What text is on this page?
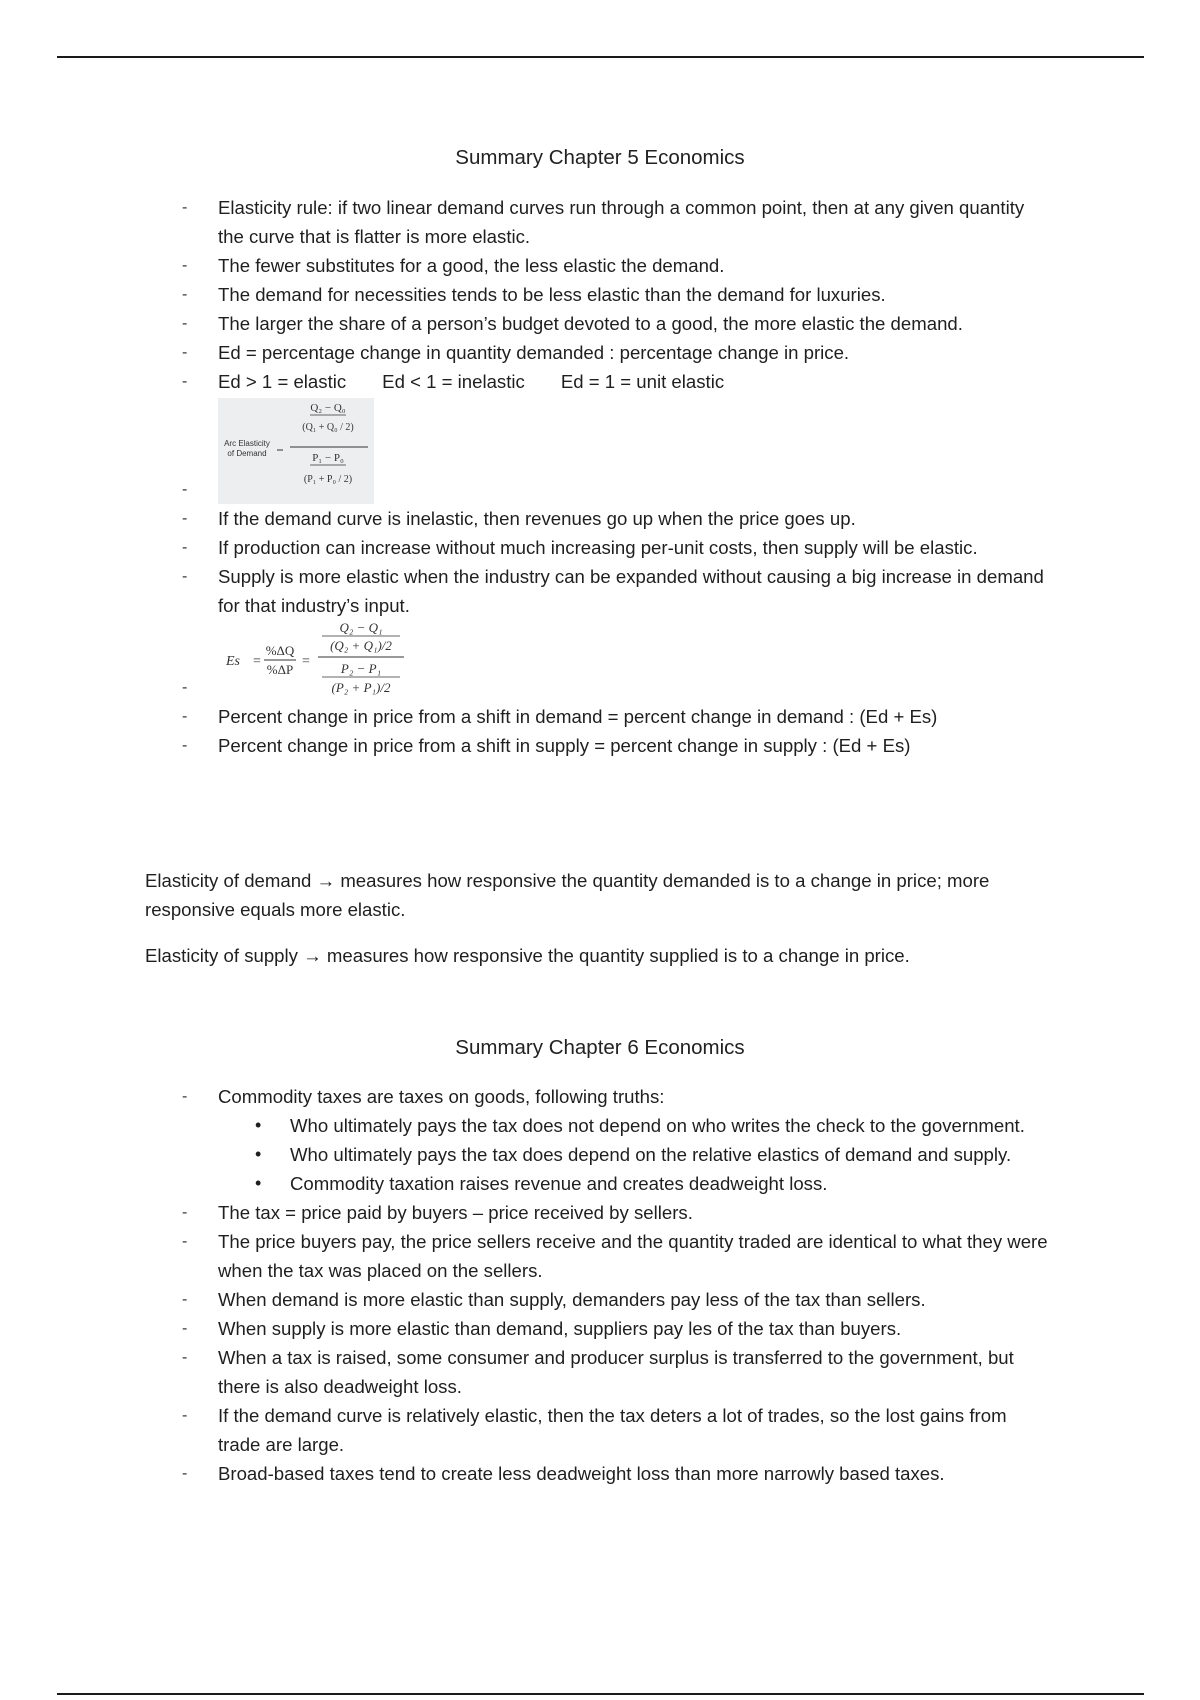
Summary Chapter 5 Economics
- Elasticity rule: if two linear demand curves run through a common point, then at any given quantity the curve that is flatter is more elastic.
- The fewer substitutes for a good, the less elastic the demand.
- The demand for necessities tends to be less elastic than the demand for luxuries.
- The larger the share of a person’s budget devoted to a good, the more elastic the demand.
- Ed = percentage change in quantity demanded : percentage change in price.
- Ed > 1 = elastic Ed < 1 = inelastic Ed = 1 = unit elastic
-
Arc Elasticity
of Demand
Q₂ − Q₀
(Q₁ + Q₀ / 2)
P₁ − P₀
(P₁ + P₀ / 2)
- If the demand curve is inelastic, then revenues go up when the price goes up.
- If production can increase without much increasing per-unit costs, then supply will be elastic.
- Supply is more elastic when the industry can be expanded without causing a big increase in demand for that industry’s input.
-
Es =
%ΔQ
%ΔP
=
Q₂ − Q₁
(Q₂ + Q₁)/2
P₂ − P₁
(P₂ + P₁)/2
- Percent change in price from a shift in demand = percent change in demand : (Ed + Es)
- Percent change in price from a shift in supply = percent change in supply : (Ed + Es)
Elasticity of demand → measures how responsive the quantity demanded is to a change in price; more responsive equals more elastic.
Elasticity of supply → measures how responsive the quantity supplied is to a change in price.
Summary Chapter 6 Economics
- Commodity taxes are taxes on goods, following truths:
• Who ultimately pays the tax does not depend on who writes the check to the government.
• Who ultimately pays the tax does depend on the relative elastics of demand and supply.
• Commodity taxation raises revenue and creates deadweight loss.
- The tax = price paid by buyers – price received by sellers.
- The price buyers pay, the price sellers receive and the quantity traded are identical to what they were when the tax was placed on the sellers.
- When demand is more elastic than supply, demanders pay less of the tax than sellers.
- When supply is more elastic than demand, suppliers pay les of the tax than buyers.
- When a tax is raised, some consumer and producer surplus is transferred to the government, but there is also deadweight loss.
- If the demand curve is relatively elastic, then the tax deters a lot of trades, so the lost gains from trade are large.
- Broad-based taxes tend to create less deadweight loss than more narrowly based taxes.
